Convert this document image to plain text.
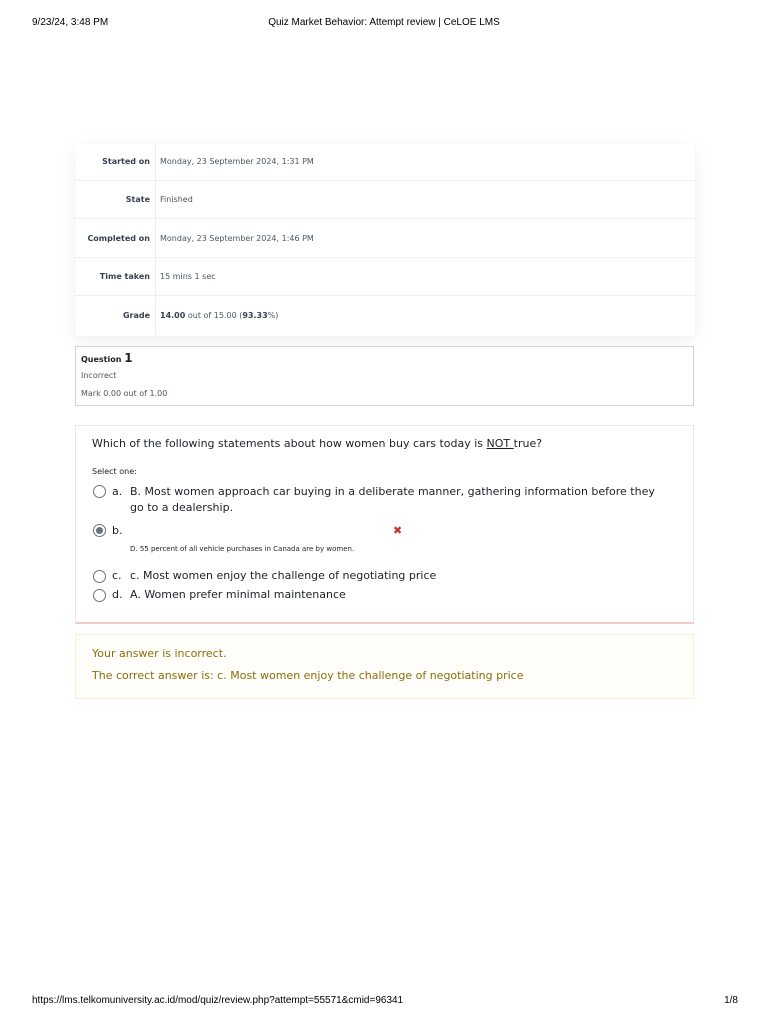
9/23/24, 3:48 PM	Quiz Market Behavior: Attempt review | CeLOE LMS
Started on	Monday, 23 September 2024, 1:31 PM
State	Finished
Completed on	Monday, 23 September 2024, 1:46 PM
Time taken	15 mins 1 sec
Grade	14.00 out of 15.00 (93.33%)
Question 1
Incorrect
Mark 0.00 out of 1.00
Which of the following statements about how women buy cars today is NOT true?
Select one:
a. B. Most women approach car buying in a deliberate manner, gathering information before they go to a dealership.
b.	✖
D. 55 percent of all vehicle purchases in Canada are by women.
c. c. Most women enjoy the challenge of negotiating price
d. A. Women prefer minimal maintenance
Your answer is incorrect.
The correct answer is: c. Most women enjoy the challenge of negotiating price
https://lms.telkomuniversity.ac.id/mod/quiz/review.php?attempt=55571&cmid=96341	1/8
